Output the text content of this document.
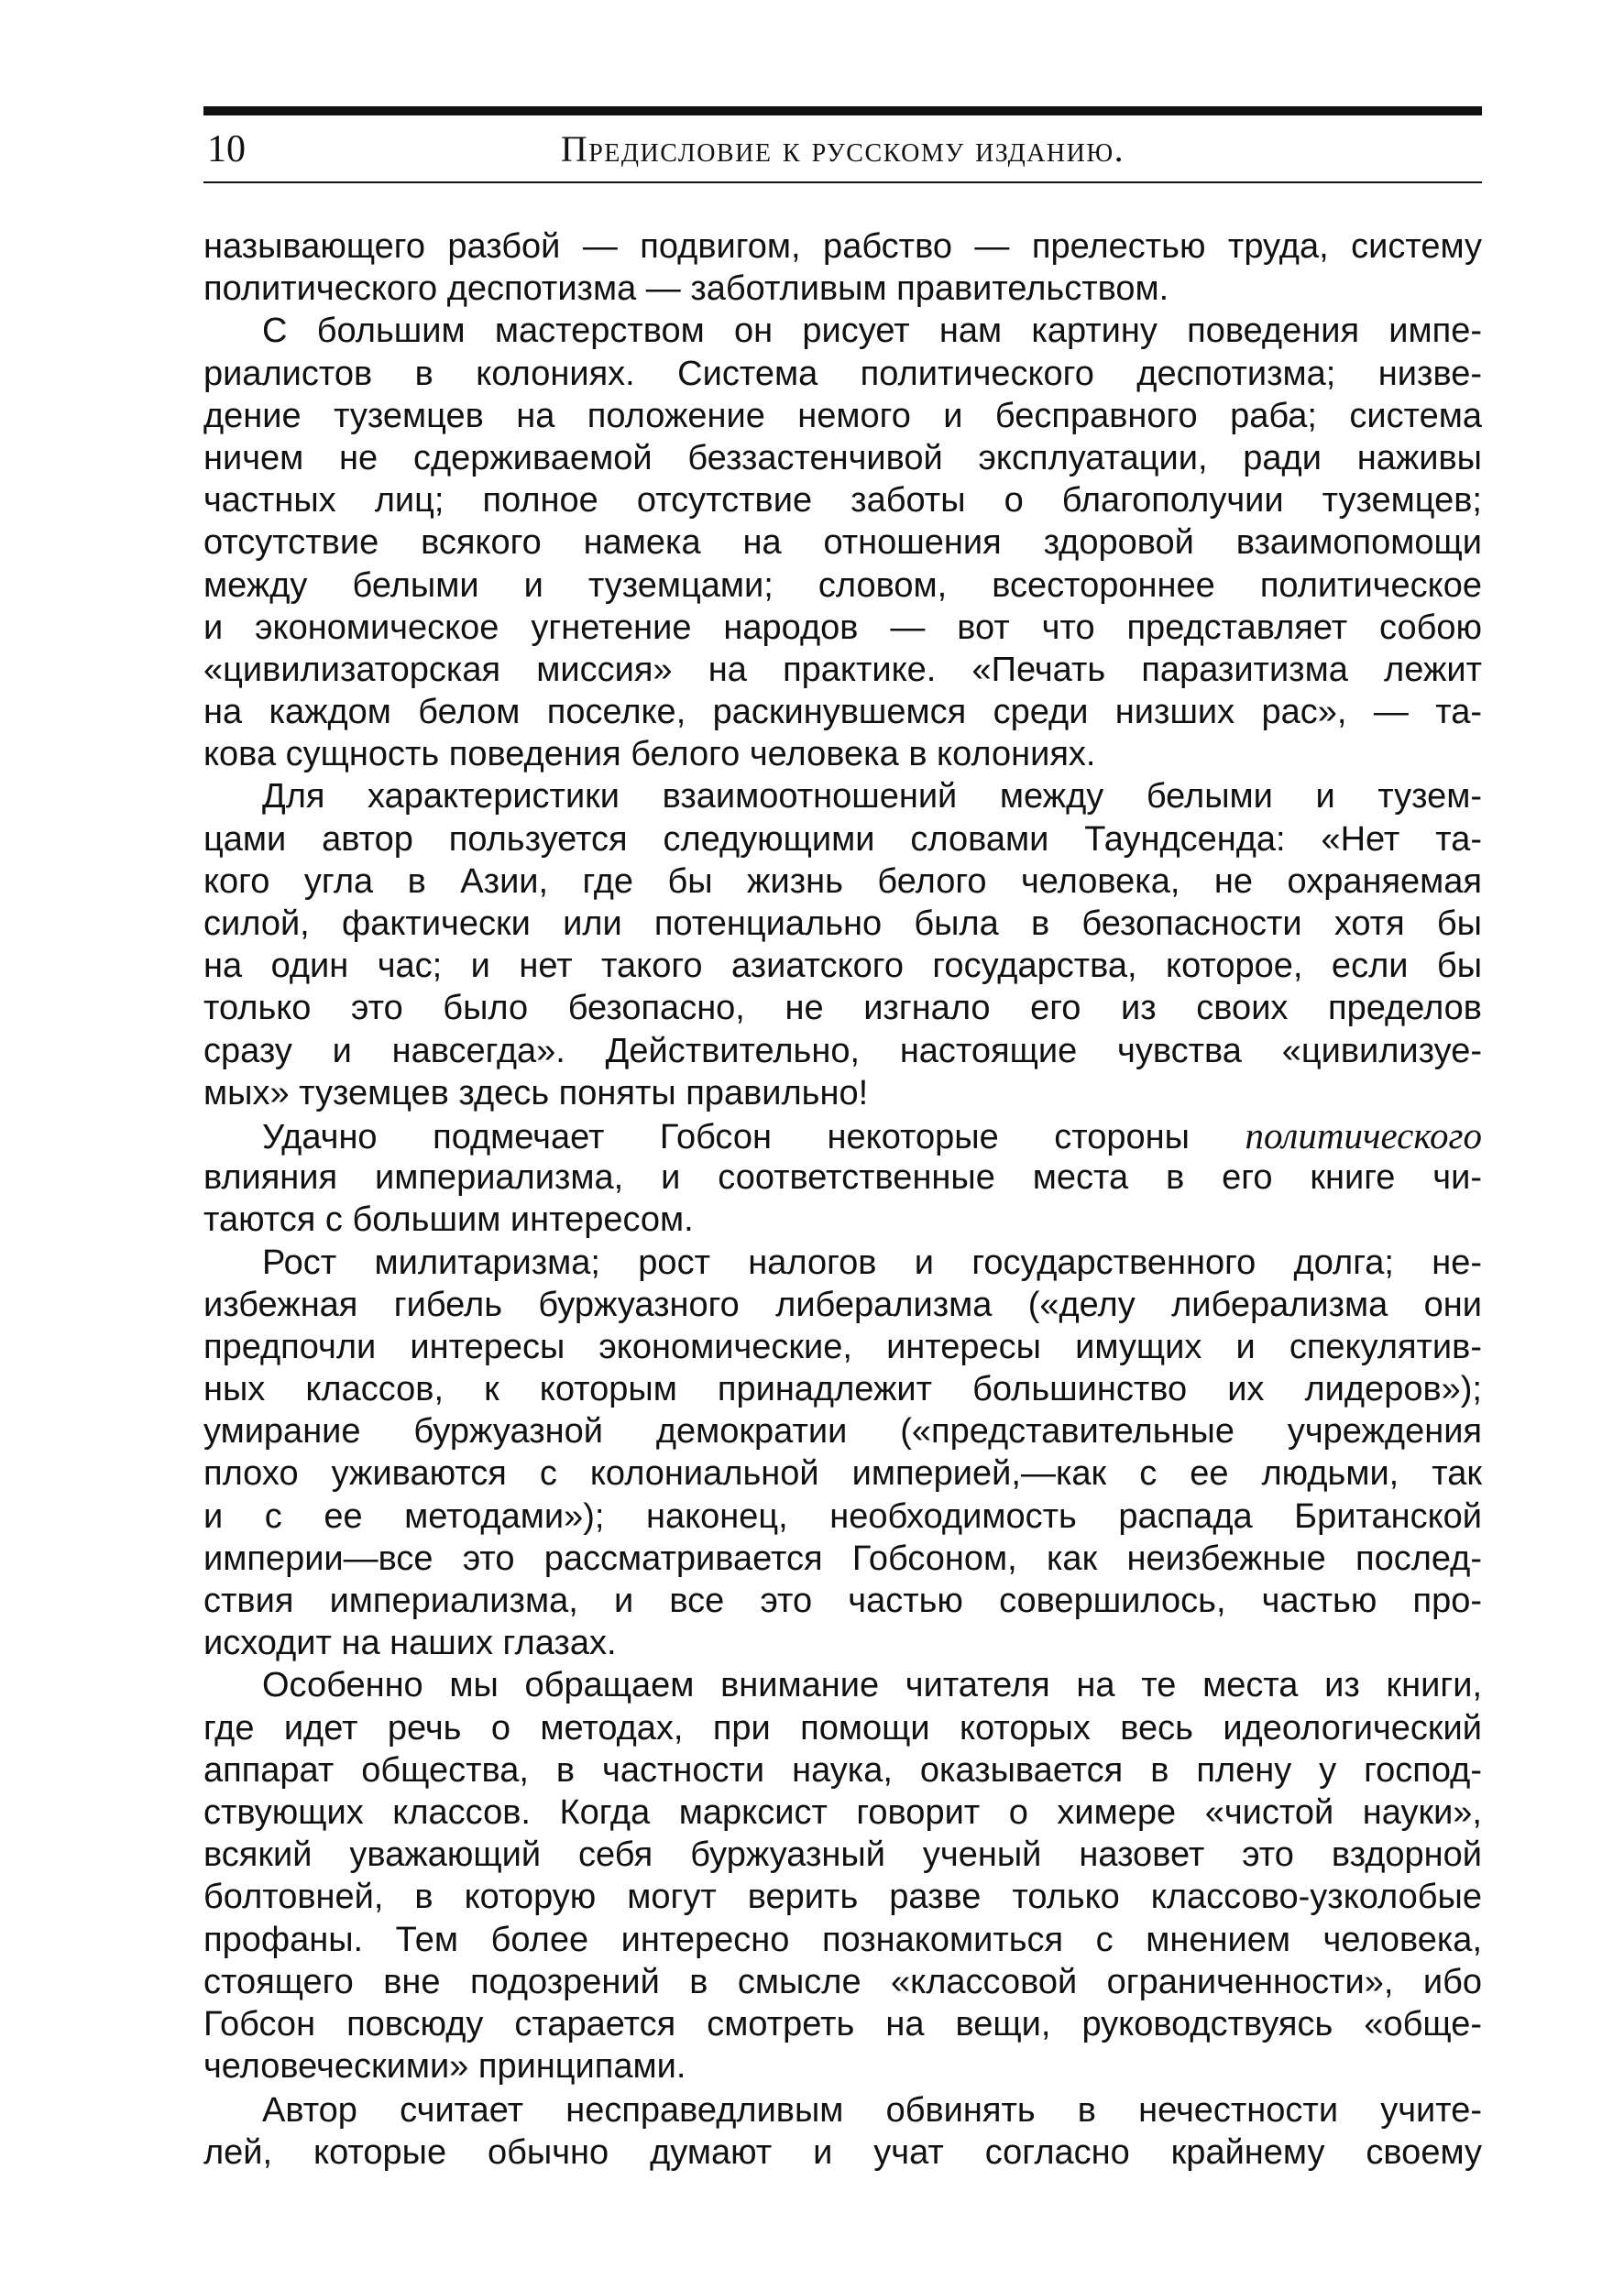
10	Предисловие к русскому изданию.
называющего разбой — подвигом, рабство — прелестью труда, систему
политического деспотизма — заботливым правительством.
С большим мастерством он рисует нам картину поведения импе-
риалистов в колониях. Система политического деспотизма; низве-
дение туземцев на положение немого и бесправного раба; система
ничем не сдерживаемой беззастенчивой эксплуатации, ради наживы
частных лиц; полное отсутствие заботы о благополучии туземцев;
отсутствие всякого намека на отношения здоровой взаимопомощи
между белыми и туземцами; словом, всестороннее политическое
и экономическое угнетение народов — вот что представляет собою
«цивилизаторская миссия» на практике. «Печать паразитизма лежит
на каждом белом поселке, раскинувшемся среди низших рас», — та-
кова сущность поведения белого человека в колониях.
Для характеристики взаимоотношений между белыми и тузем-
цами автор пользуется следующими словами Таундсенда: «Нет та-
кого угла в Азии, где бы жизнь белого человека, не охраняемая
силой, фактически или потенциально была в безопасности хотя бы
на один час; и нет такого азиатского государства, которое, если бы
только это было безопасно, не изгнало его из своих пределов
сразу и навсегда». Действительно, настоящие чувства «цивилизуе-
мых» туземцев здесь поняты правильно!
Удачно подмечает Гобсон некоторые стороны политического
влияния империализма, и соответственные места в его книге чи-
таются с большим интересом.
Рост милитаризма; рост налогов и государственного долга; не-
избежная гибель буржуазного либерализма («делу либерализма они
предпочли интересы экономические, интересы имущих и спекулятив-
ных классов, к которым принадлежит большинство их лидеров»);
умирание буржуазной демократии («представительные учреждения
плохо уживаются с колониальной империей,—как с ее людьми, так
и с ее методами»); наконец, необходимость распада Британской
империи—все это рассматривается Гобсоном, как неизбежные послед-
ствия империализма, и все это частью совершилось, частью про-
исходит на наших глазах.
Особенно мы обращаем внимание читателя на те места из книги,
где идет речь о методах, при помощи которых весь идеологический
аппарат общества, в частности наука, оказывается в плену у господ-
ствующих классов. Когда марксист говорит о химере «чистой науки»,
всякий уважающий себя буржуазный ученый назовет это вздорной
болтовней, в которую могут верить разве только классово-узколобые
профаны. Тем более интересно познакомиться с мнением человека,
стоящего вне подозрений в смысле «классовой ограниченности», ибо
Гобсон повсюду старается смотреть на вещи, руководствуясь «обще-
человеческими» принципами.
Автор считает несправедливым обвинять в нечестности учите-
лей, которые обычно думают и учат согласно крайнему своему
